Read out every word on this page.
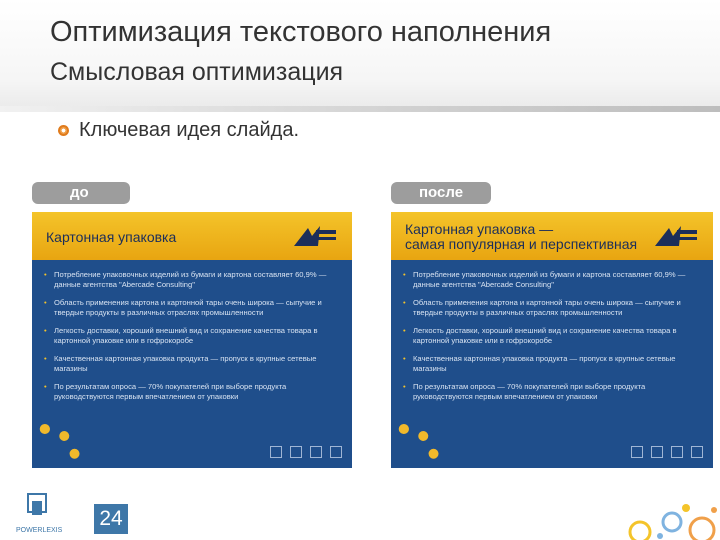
Оптимизация текстового наполнения
Смысловая оптимизация
Ключевая идея слайда.
до
Картонная упаковка
• Потребление упаковочных изделий из бумаги и картона составляет 60,9% — данные агентства "Abercade Consulting"
• Область применения картона и картонной тары очень широка — сыпучие и твердые продукты в различных отраслях промышленности
• Легкость доставки, хороший внешний вид и сохранение качества товара в картонной упаковке или в гофрокоробе
• Качественная картонная упаковка продукта — пропуск в крупные сетевые магазины
• По результатам опроса — 70% покупателей при выборе продукта руководствуются первым впечатлением от упаковки
после
Картонная упаковка —
самая популярная и перспективная
• Потребление упаковочных изделий из бумаги и картона составляет 60,9% — данные агентства "Abercade Consulting"
• Область применения картона и картонной тары очень широка — сыпучие и твердые продукты в различных отраслях промышленности
• Легкость доставки, хороший внешний вид и сохранение качества товара в картонной упаковке или в гофрокоробе
• Качественная картонная упаковка продукта — пропуск в крупные сетевые магазины
• По результатам опроса — 70% покупателей при выборе продукта руководствуются первым впечатлением от упаковки
POWERLEXIS
24
